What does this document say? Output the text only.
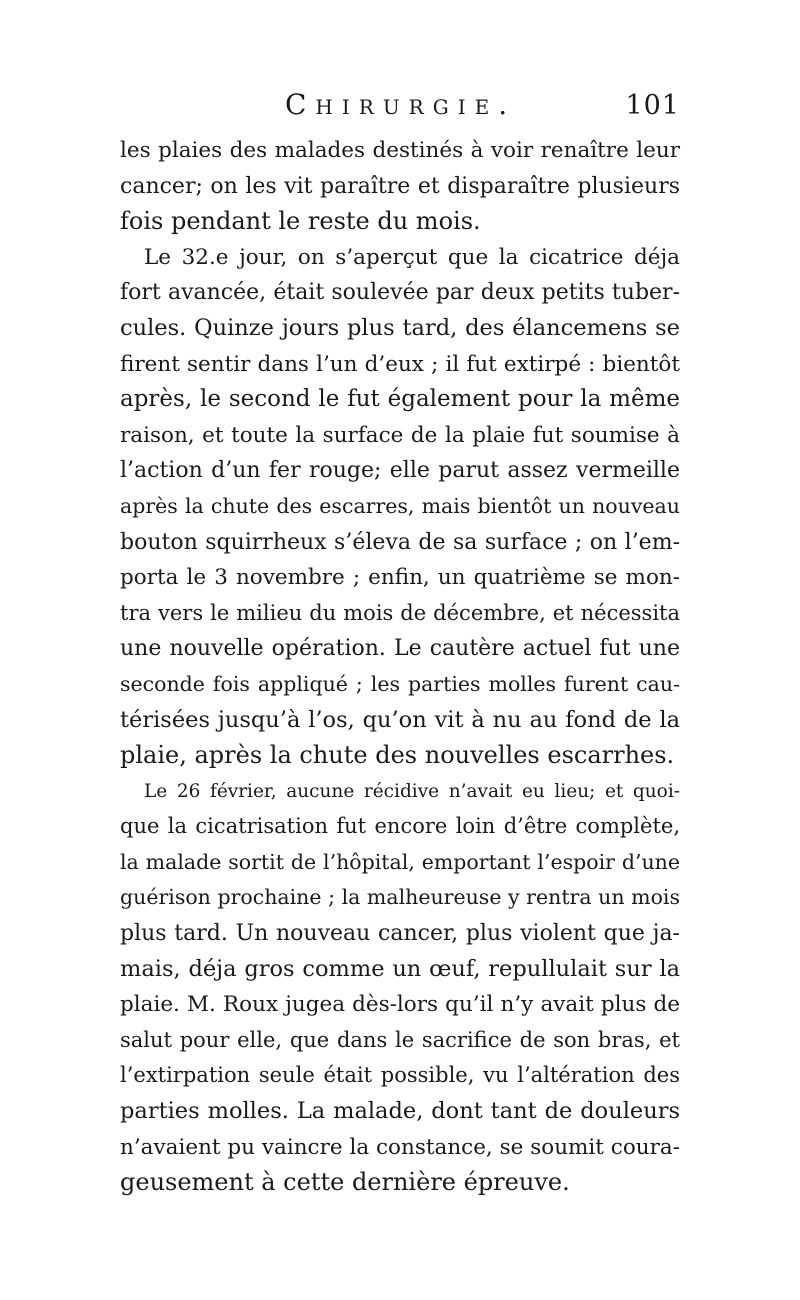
Chirurgie.	101
les plaies des malades destinés à voir renaître leur
cancer; on les vit paraître et disparaître plusieurs
fois pendant le reste du mois.
Le 32.e jour, on s’aperçut que la cicatrice déja
fort avancée, était soulevée par deux petits tuber-
cules. Quinze jours plus tard, des élancemens se
firent sentir dans l’un d’eux ; il fut extirpé : bientôt
après, le second le fut également pour la même
raison, et toute la surface de la plaie fut soumise à
l’action d’un fer rouge; elle parut assez vermeille
après la chute des escarres, mais bientôt un nouveau
bouton squirrheux s’éleva de sa surface ; on l’em-
porta le 3 novembre ; enfin, un quatrième se mon-
tra vers le milieu du mois de décembre, et nécessita
une nouvelle opération. Le cautère actuel fut une
seconde fois appliqué ; les parties molles furent cau-
térisées jusqu’à l’os, qu’on vit à nu au fond de la
plaie, après la chute des nouvelles escarrhes.
Le 26 février, aucune récidive n’avait eu lieu; et quoi-
que la cicatrisation fut encore loin d’être complète,
la malade sortit de l’hôpital, emportant l’espoir d’une
guérison prochaine ; la malheureuse y rentra un mois
plus tard. Un nouveau cancer, plus violent que ja-
mais, déja gros comme un œuf, repullulait sur la
plaie. M. Roux jugea dès-lors qu’il n’y avait plus de
salut pour elle, que dans le sacrifice de son bras, et
l’extirpation seule était possible, vu l’altération des
parties molles. La malade, dont tant de douleurs
n’avaient pu vaincre la constance, se soumit coura-
geusement à cette dernière épreuve.
